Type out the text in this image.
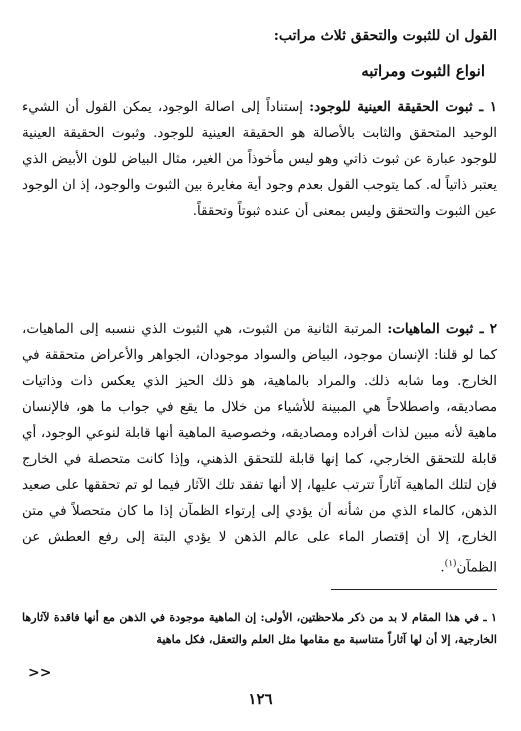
القول ان للثبوت والتحقق ثلاث مراتب:
انواع الثبوت ومراتبه
١ ـ ثبوت الحقيقة العينية للوجود: إستناداً إلى اصالة الوجود، يمكن القول أن الشيء الوحيد المتحقق والثابت بالأصالة هو الحقيقة العينية للوجود. وثبوت الحقيقة العينية للوجود عبارة عن ثبوت ذاتي وهو ليس مأخوذاً من الغير، مثال البياض للون الأبيض الذي يعتبر ذاتياً له. كما يتوجب القول بعدم وجود أية مغايرة بين الثبوت والوجود، إذ ان الوجود عين الثبوت والتحقق وليس بمعنى أن عنده ثبوتاً وتحققاً.
٢ ـ ثبوت الماهيات: المرتبة الثانية من الثبوت، هي الثبوت الذي ننسبه إلى الماهيات، كما لو قلنا: الإنسان موجود، البياض والسواد موجودان، الجواهر والأعراض متحققة في الخارج. وما شابه ذلك. والمراد بالماهية، هو ذلك الحيز الذي يعكس ذات وذاتيات مصاديقه، واصطلاحاً هي المبينة للأشياء من خلال ما يقع في جواب ما هو، فالإنسان ماهية لأنه مبين لذات أفراده ومصاديقه، وخصوصية الماهية أنها قابلة لنوعي الوجود، أي قابلة للتحقق الخارجي، كما إنها قابلة للتحقق الذهني، وإذا كانت متحصلة في الخارج فإن لتلك الماهية آثاراً تترتب عليها، إلا أنها تفقد تلك الآثار فيما لو تم تحققها على صعيد الذهن، كالماء الذي من شأنه أن يؤدي إلى إرتواء الظمآن إذا ما كان متحصلاً في متن الخارج، إلا أن إقتصار الماء على عالم الذهن لا يؤدي البتة إلى رفع العطش عن الظمآن$^{(١)}$.
١ ـ في هذا المقام لا بد من ذكر ملاحظتين، الأولى: إن الماهية موجودة في الذهن مع أنها فاقدة لآثارها الخارجية، إلا أن لها آثاراً متناسبة مع مقامها مثل العلم والتعقل، فكل ماهية
>>
١٢٦
